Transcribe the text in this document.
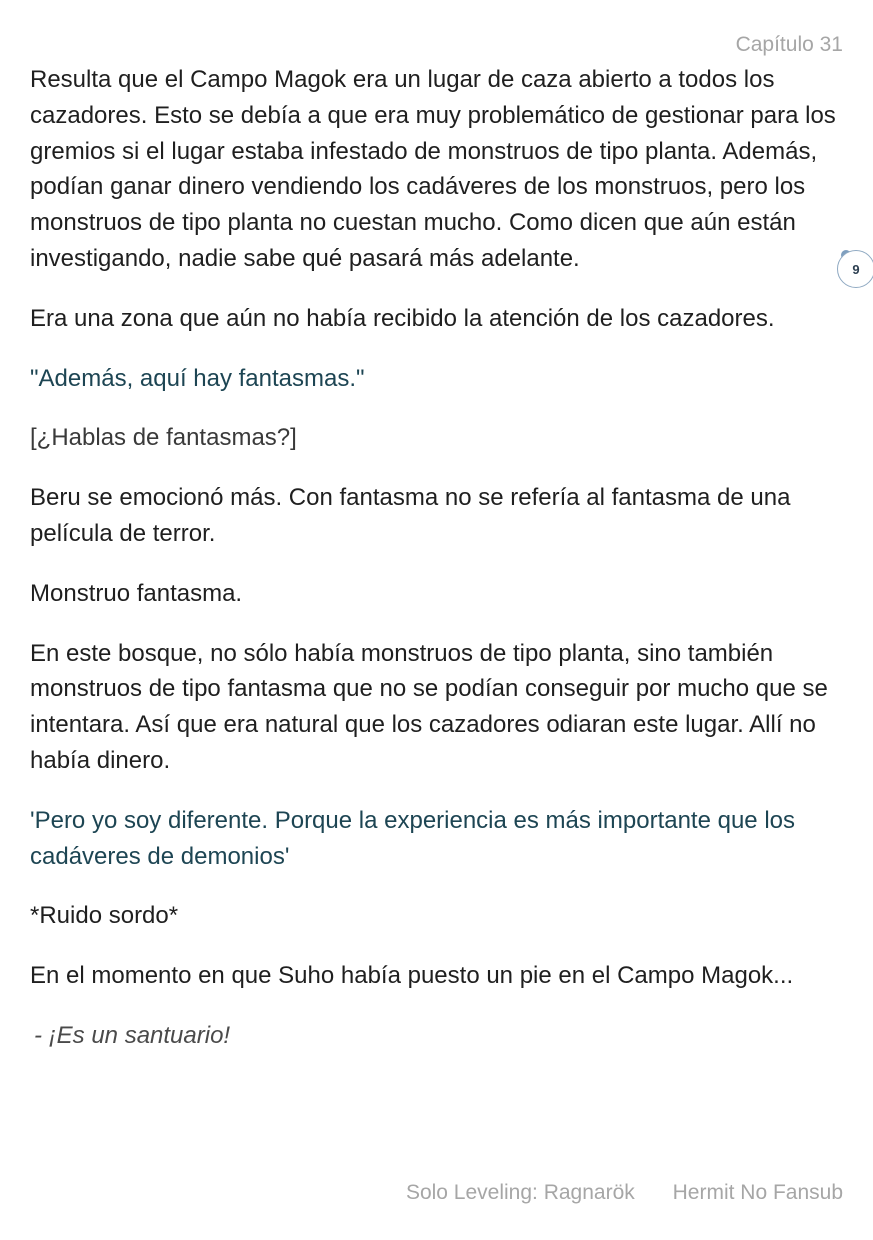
Capítulo 31

Resulta que el Campo Magok era un lugar de caza abierto a todos los cazadores. Esto se debía a que era muy problemático de gestionar para los gremios si el lugar estaba infestado de monstruos de tipo planta. Además, podían ganar dinero vendiendo los cadáveres de los monstruos, pero los monstruos de tipo planta no cuestan mucho. Como dicen que aún están investigando, nadie sabe qué pasará más adelante.

Era una zona que aún no había recibido la atención de los cazadores.

"Además, aquí hay fantasmas."

[¿Hablas de fantasmas?]

Beru se emocionó más. Con fantasma no se refería al fantasma de una película de terror.

Monstruo fantasma.

En este bosque, no sólo había monstruos de tipo planta, sino también monstruos de tipo fantasma que no se podían conseguir por mucho que se intentara. Así que era natural que los cazadores odiaran este lugar. Allí no había dinero.

'Pero yo soy diferente. Porque la experiencia es más importante que los cadáveres de demonios'

*Ruido sordo*

En el momento en que Suho había puesto un pie en el Campo Magok...

- ¡Es un santuario!

9
Solo Leveling: Ragnarök Hermit No Fansub
